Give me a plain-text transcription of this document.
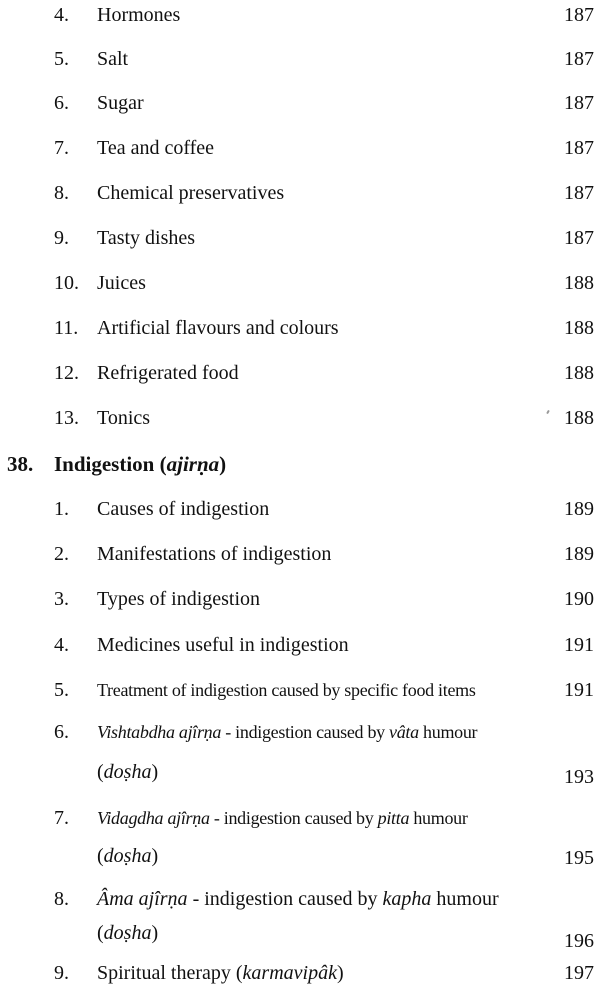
4. Hormones	187
5. Salt	187
6. Sugar	187
7. Tea and coffee	187
8. Chemical preservatives	187
9. Tasty dishes	187
10. Juices	188
11. Artificial flavours and colours	188
12. Refrigerated food	188
13. Tonics	188
38. Indigestion (ajirṇa)
1. Causes of indigestion	189
2. Manifestations of indigestion	189
3. Types of indigestion	190
4. Medicines useful in indigestion	191
5. Treatment of indigestion caused by specific food items	191
6. Vishtabdha ajîrṇa - indigestion caused by vâta humour
(doṣha)	193
7. Vidagdha ajîrṇa - indigestion caused by pitta humour
(doṣha)	195
8. Âma ajîrṇa - indigestion caused by kapha humour
(doṣha)	196
9. Spiritual therapy (karmavipâk)	197
